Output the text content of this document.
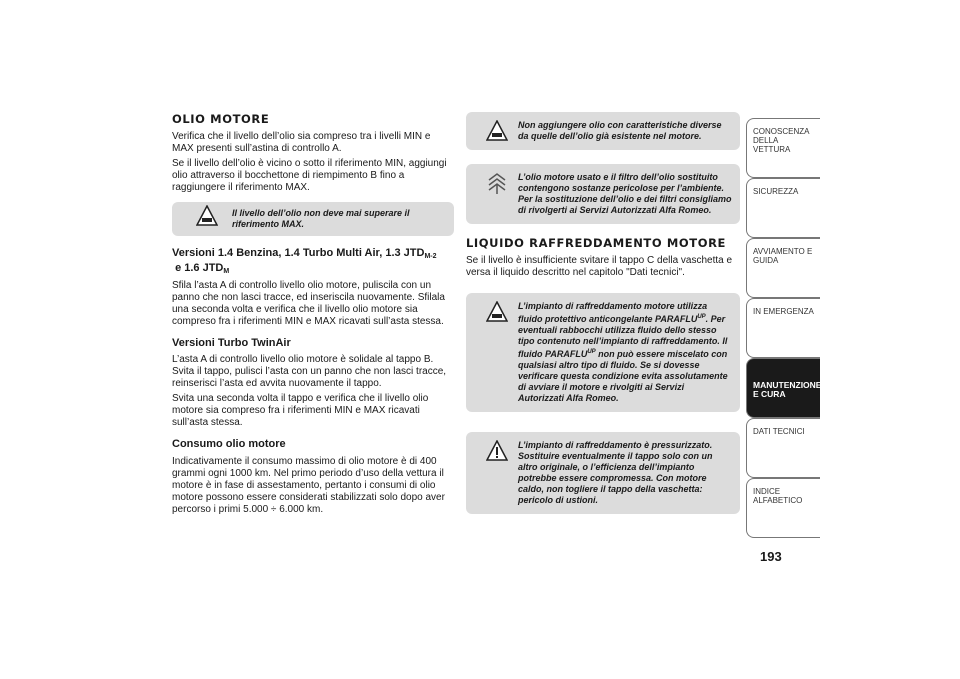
OLIO MOTORE

Verifica che il livello dell’olio sia compreso tra i livelli MIN e MAX presenti sull’astina di controllo A.

Se il livello dell’olio è vicino o sotto il riferimento MIN, aggiungi olio attraverso il bocchettone di riempimento B fino a raggiungere il riferimento MAX.

Il livello dell’olio non deve mai superare il riferimento MAX.
Versioni 1.4 Benzina, 1.4 Turbo Multi Air, 1.3 $JTD_{M-2}$
e 1.6 $JTD_M$

Sfila l’asta A di controllo livello olio motore, puliscila con un panno che non lasci tracce, ed inseriscila nuovamente. Sfilala una seconda volta e verifica che il livello olio motore sia compreso fra i riferimenti MIN e MAX ricavati sull’asta stessa.

Versioni Turbo TwinAir

L’asta A di controllo livello olio motore è solidale al tappo B. Svita il tappo, pulisci l’asta con un panno che non lasci tracce, reinserisci l’asta ed avvita nuovamente il tappo.

Svita una seconda volta il tappo e verifica che il livello olio motore sia compreso fra i riferimenti MIN e MAX ricavati sull’asta stessa.

Consumo olio motore

Indicativamente il consumo massimo di olio motore è di 400 grammi ogni 1000 km. Nel primo periodo d’uso della vettura il motore è in fase di assestamento, pertanto i consumi di olio motore possono essere considerati stabilizzati solo dopo aver percorso i primi 5.000 ÷ 6.000 km.

Non aggiungere olio con caratteristiche diverse da quelle dell’olio già esistente nel motore.
L’olio motore usato e il filtro dell’olio sostituito contengono sostanze pericolose per l’ambiente. Per la sostituzione dell’olio e dei filtri consigliamo di rivolgerti ai Servizi Autorizzati Alfa Romeo.
LIQUIDO RAFFREDDAMENTO MOTORE

Se il livello è insufficiente svitare il tappo C della vaschetta e versa il liquido descritto nel capitolo "Dati tecnici".

L’impianto di raffreddamento motore utilizza fluido protettivo anticongelante $PARAFLU^{UP}$. Per eventuali rabbocchi utilizza fluido dello stesso tipo contenuto nell’impianto di raffreddamento. Il fluido $PARAFLU^{UP}$ non può essere miscelato con qualsiasi altro tipo di fluido. Se si dovesse verificare questa condizione evita assolutamente di avviare il motore e rivolgiti ai Servizi Autorizzati Alfa Romeo.
L’impianto di raffreddamento è pressurizzato. Sostituire eventualmente il tappo solo con un altro originale, o l’efficienza dell’impianto potrebbe essere compromessa. Con motore caldo, non togliere il tappo della vaschetta: pericolo di ustioni.
CONOSCENZA DELLA VETTURA
SICUREZZA
AVVIAMENTO E GUIDA
IN EMERGENZA
MANUTENZIONE E CURA
DATI TECNICI
INDICE ALFABETICO
193
